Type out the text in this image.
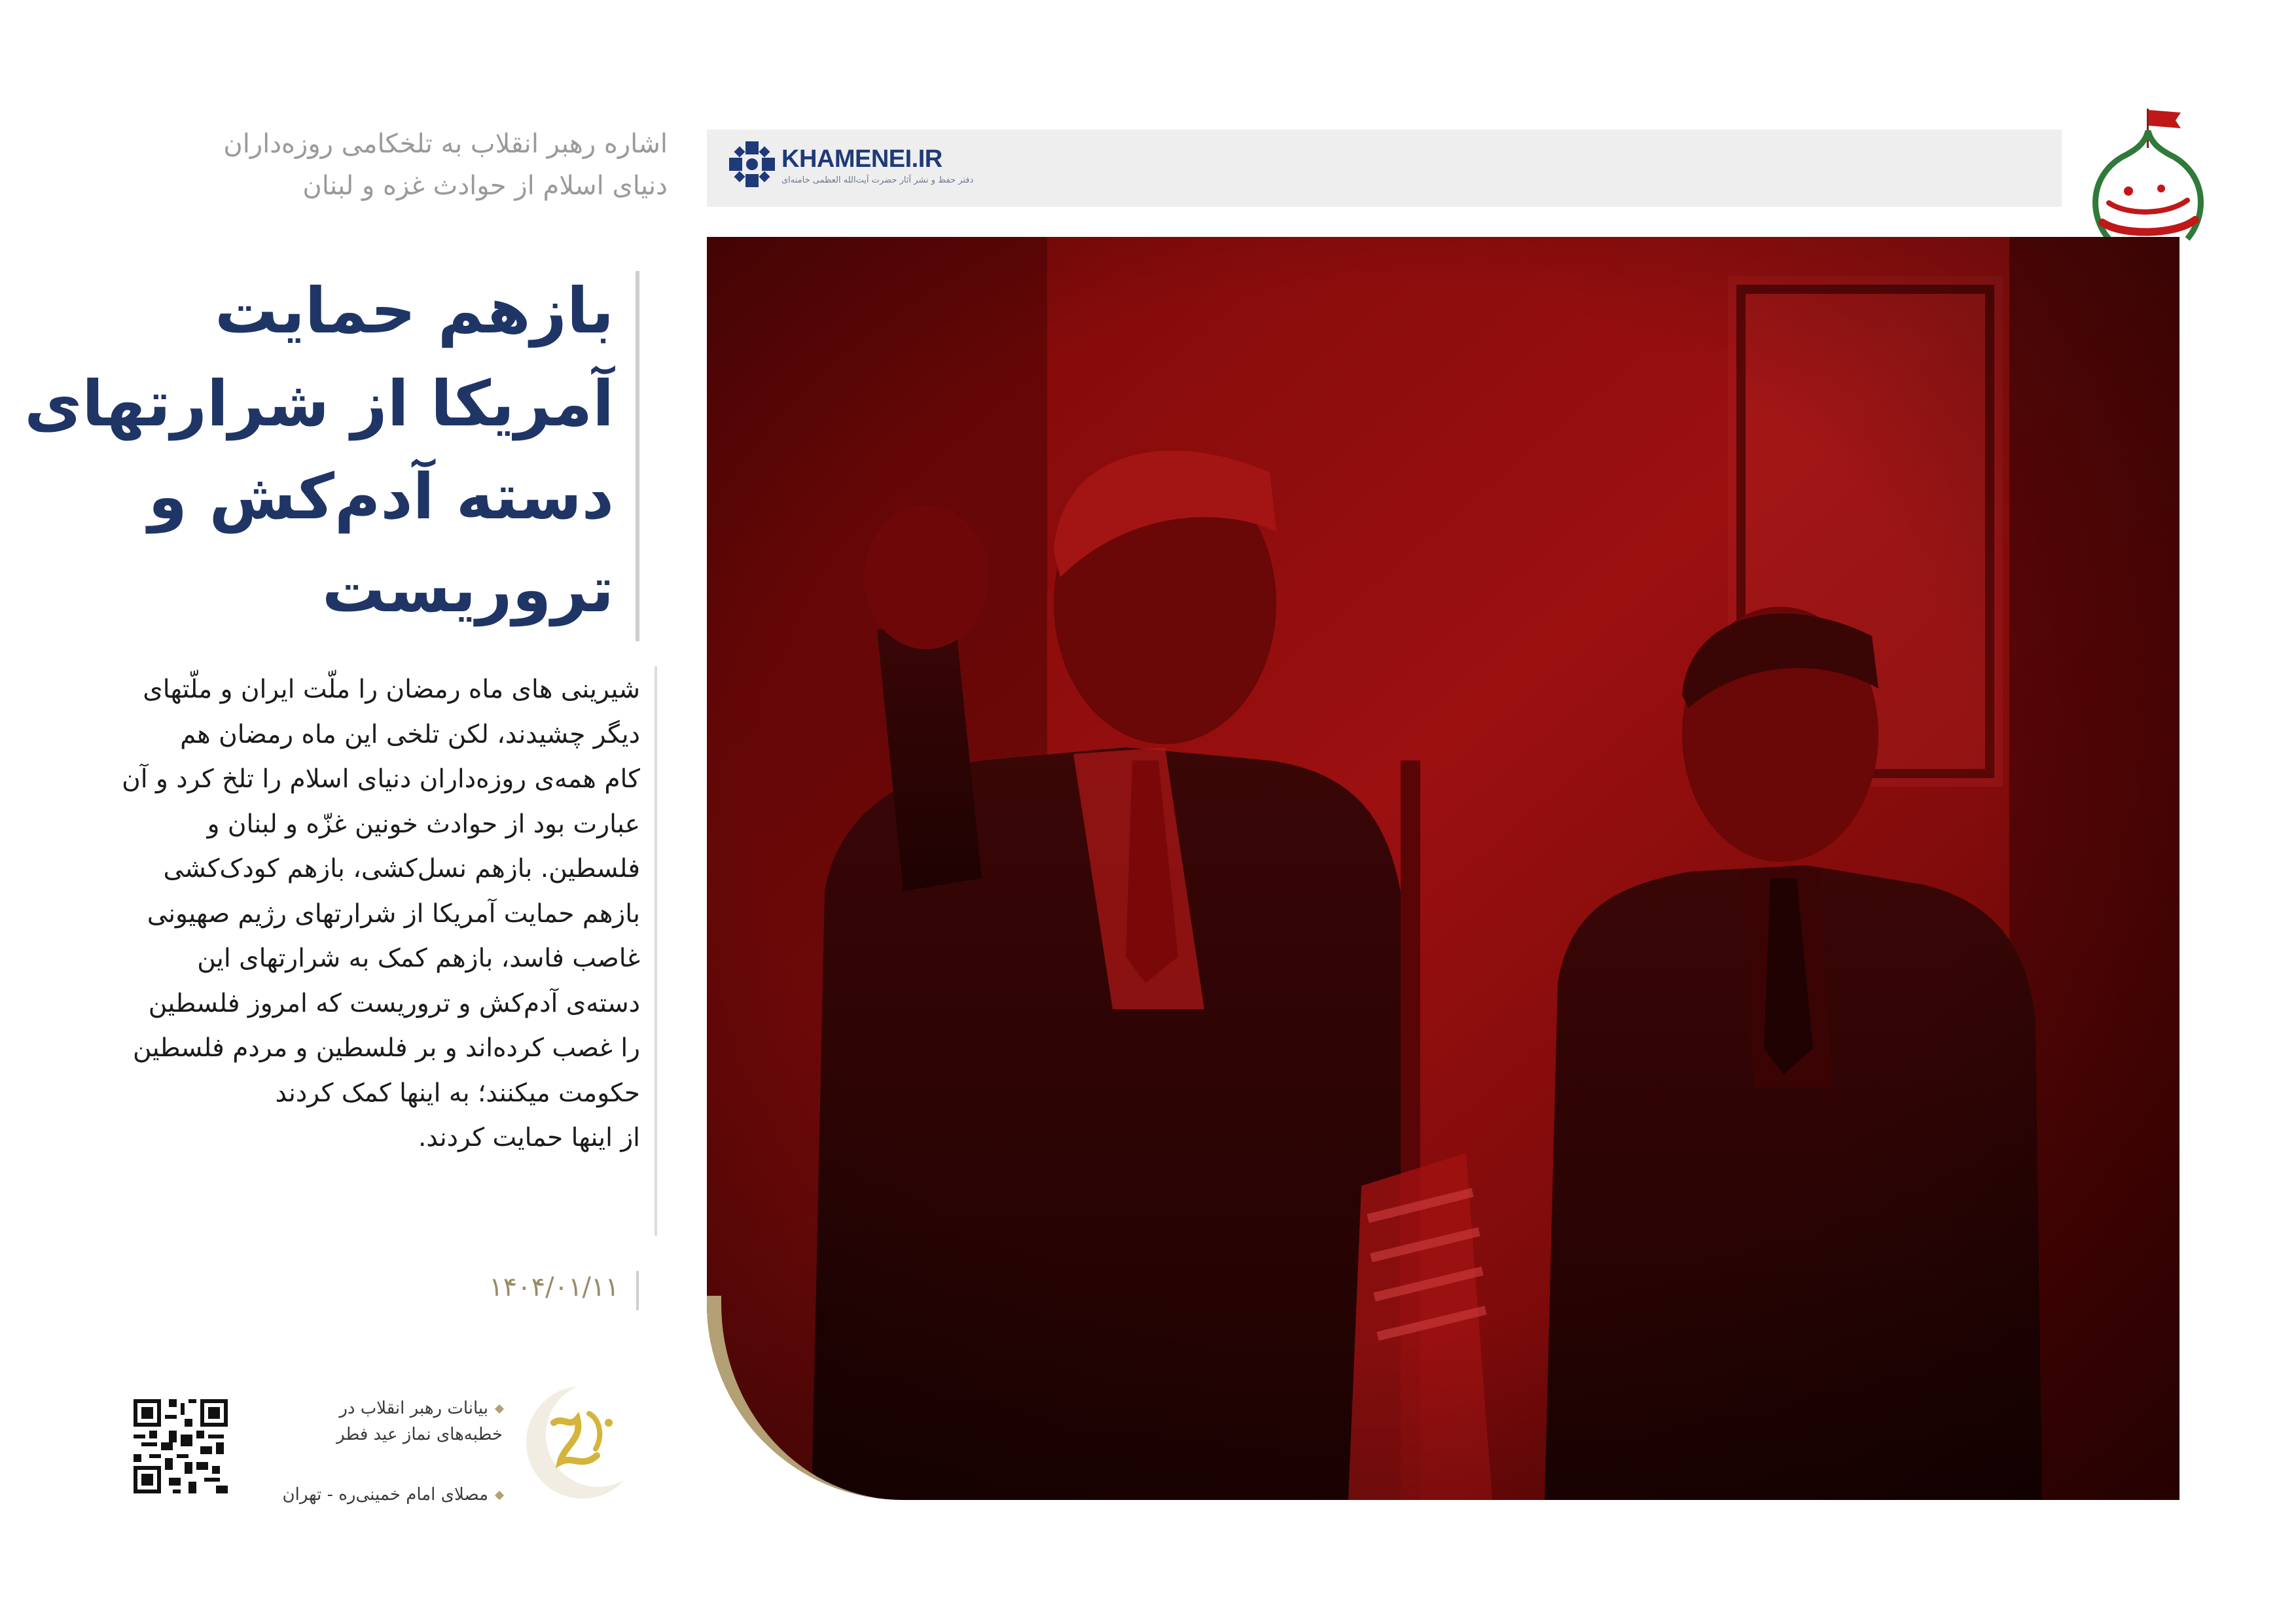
KHAMENEI.IR
دفتر حفظ و نشر آثار حضرت آیت‌الله العظمی خامنه‌ای
اشاره رهبر انقلاب به تلخکامی روزه‌داران
دنیای اسلام از حوادث غزه و لبنان
بازهم حمایت
آمریکا از شرارتهای
دسته آدم‌کش و
تروریست
شیرینی های ماه رمضان را ملّت ایران و ملّتهای
دیگر چشیدند، لکن تلخی این ماه رمضان هم
کام همه‌ی روزه‌داران دنیای اسلام را تلخ کرد و آن
عبارت بود از حوادث خونین غزّه و لبنان و
فلسطین. بازهم نسل‌کشی، بازهم کودک‌کشی
بازهم حمایت آمریکا از شرارتهای رژیم صهیونی
غاصب فاسد، بازهم کمک به شرارتهای این
دسته‌ی آدم‌کش و تروریست که امروز فلسطین
را غصب کرده‌اند و بر فلسطین و مردم فلسطین
حکومت میکنند؛ به اینها کمک کردند
از اینها حمایت کردند.
۱۴۰۴/۰۱/۱۱
بیانات رهبر انقلاب در
خطبه‌های نماز عید فطر
مصلای امام خمینی‌ره - تهران
